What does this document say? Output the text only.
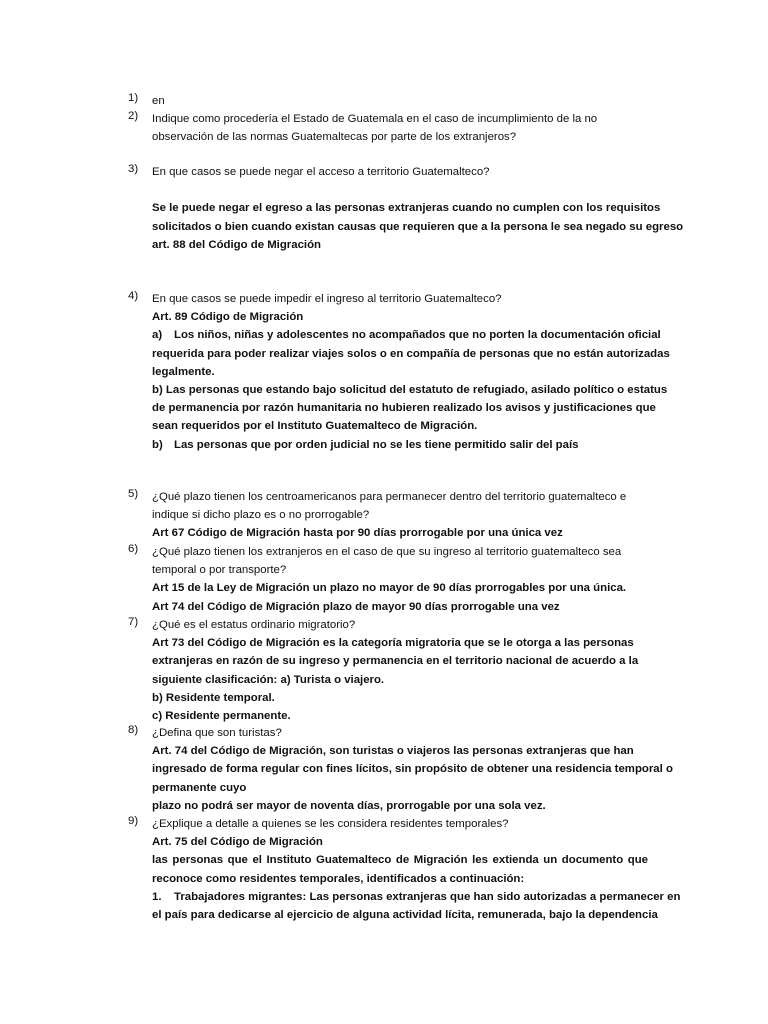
1)	en
2)	Indique como procedería el Estado de Guatemala en el caso de incumplimiento de la no
observación de las normas Guatemaltecas por parte de los extranjeros?
3)	En que casos se puede negar el acceso a territorio Guatemalteco?
Se le puede negar el egreso a las personas extranjeras cuando no cumplen con los requisitos
solicitados o bien cuando existan causas que requieren que a la persona le sea negado su egreso
art. 88 del Código de Migración
4)	En que casos se puede impedir el ingreso al territorio Guatemalteco?
Art. 89 Código de Migración
a) Los niños, niñas y adolescentes no acompañados que no porten la documentación oficial
requerida para poder realizar viajes solos o en compañía de personas que no están autorizadas
legalmente.
b) Las personas que estando bajo solicitud del estatuto de refugiado, asilado político o estatus
de permanencia por razón humanitaria no hubieren realizado los avisos y justificaciones que
sean requeridos por el Instituto Guatemalteco de Migración.
b) Las personas que por orden judicial no se les tiene permitido salir del país
5)	¿Qué plazo tienen los centroamericanos para permanecer dentro del territorio guatemalteco e
indique si dicho plazo es o no prorrogable?
Art 67 Código de Migración hasta por 90 días prorrogable por una única vez
6)	¿Qué plazo tienen los extranjeros en el caso de que su ingreso al territorio guatemalteco sea
temporal o por transporte?
Art 15 de la Ley de Migración un plazo no mayor de 90 días prorrogables por una única.
Art 74 del Código de Migración plazo de mayor 90 días prorrogable una vez
7)	¿Qué es el estatus ordinario migratorio?
Art 73 del Código de Migración es la categoría migratoria que se le otorga a las personas
extranjeras en razón de su ingreso y permanencia en el territorio nacional de acuerdo a la
siguiente clasificación: a) Turista o viajero.
b) Residente temporal.
c) Residente permanente.
8)	¿Defina que son turistas?
Art. 74 del Código de Migración, son turistas o viajeros las personas extranjeras que han
ingresado de forma regular con fines lícitos, sin propósito de obtener una residencia temporal o
permanente cuyo
plazo no podrá ser mayor de noventa días, prorrogable por una sola vez.
9)	¿Explique a detalle a quienes se les considera residentes temporales?
Art. 75 del Código de Migración
las personas que el Instituto Guatemalteco de Migración les extienda un documento que
reconoce como residentes temporales, identificados a continuación:
1. Trabajadores migrantes: Las personas extranjeras que han sido autorizadas a permanecer en
el país para dedicarse al ejercicio de alguna actividad lícita, remunerada, bajo la dependencia
